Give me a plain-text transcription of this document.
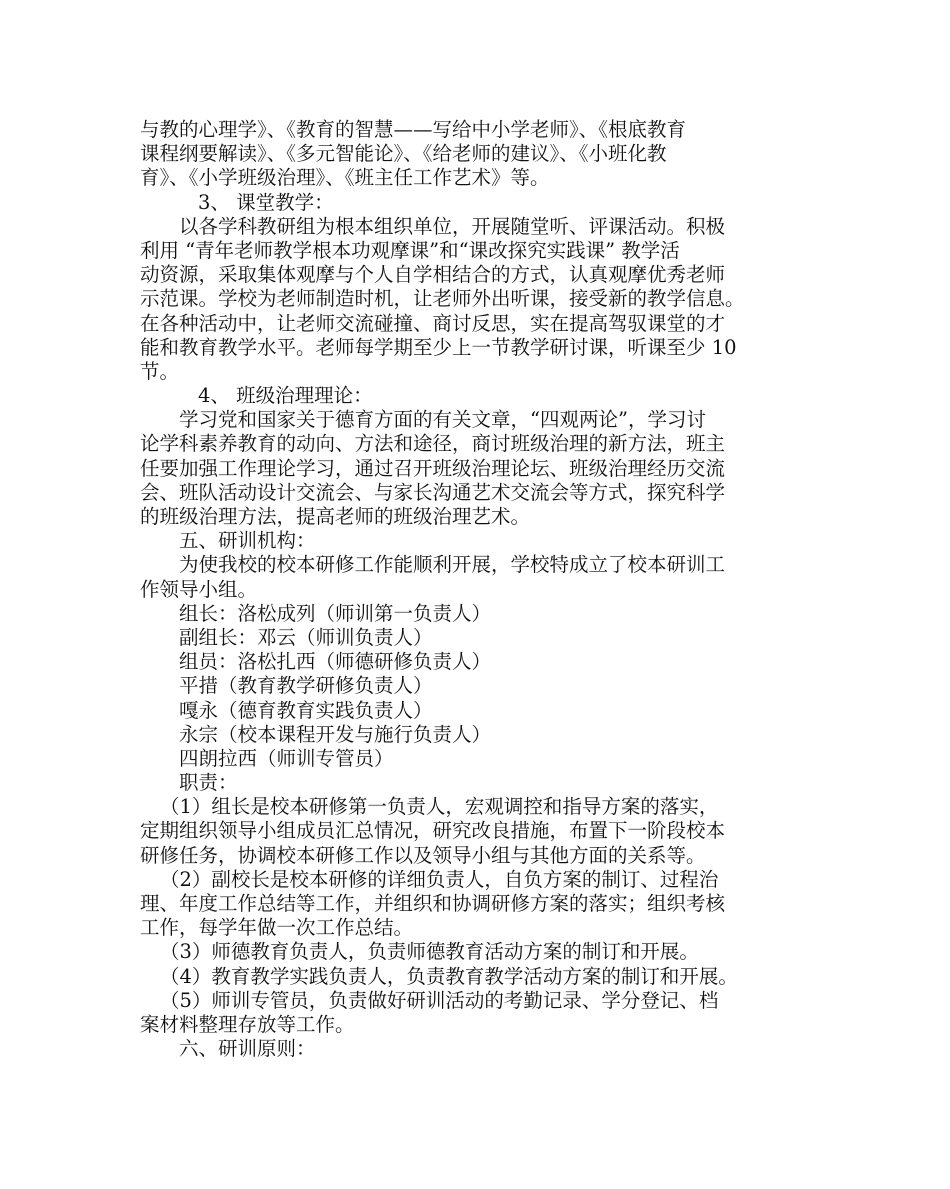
与教的心理学》、《教育的智慧——写给中小学老师》、《根底教育
课程纲要解读》、《多元智能论》、《给老师的建议》、《小班化教
育》、《小学班级治理》、《班主任工作艺术》等。
3、 课堂教学：
以各学科教研组为根本组织单位，开展随堂听、评课活动。积极
利用 “青年老师教学根本功观摩课”和“课改探究实践课” 教学活
动资源，采取集体观摩与个人自学相结合的方式，认真观摩优秀老师
示范课。学校为老师制造时机，让老师外出听课，接受新的教学信息。
在各种活动中，让老师交流碰撞、商讨反思，实在提高驾驭课堂的才
能和教育教学水平。老师每学期至少上一节教学研讨课，听课至少 10
节。
4、 班级治理理论：
学习党和国家关于德育方面的有关文章，“四观两论”，学习讨
论学科素养教育的动向、方法和途径，商讨班级治理的新方法，班主
任要加强工作理论学习，通过召开班级治理论坛、班级治理经历交流
会、班队活动设计交流会、与家长沟通艺术交流会等方式，探究科学
的班级治理方法，提高老师的班级治理艺术。
五、研训机构：
为使我校的校本研修工作能顺利开展，学校特成立了校本研训工
作领导小组。
组长：洛松成列（师训第一负责人）
副组长：邓云（师训负责人）
组员：洛松扎西（师德研修负责人）
平措（教育教学研修负责人）
嘎永（德育教育实践负责人）
永宗（校本课程开发与施行负责人）
四朗拉西（师训专管员）
职责：
（1）组长是校本研修第一负责人，宏观调控和指导方案的落实，
定期组织领导小组成员汇总情况，研究改良措施，布置下一阶段校本
研修任务，协调校本研修工作以及领导小组与其他方面的关系等。
（2）副校长是校本研修的详细负责人，自负方案的制订、过程治
理、年度工作总结等工作，并组织和协调研修方案的落实；组织考核
工作，每学年做一次工作总结。
（3）师德教育负责人，负责师德教育活动方案的制订和开展。
（4）教育教学实践负责人，负责教育教学活动方案的制订和开展。
（5）师训专管员，负责做好研训活动的考勤记录、学分登记、档
案材料整理存放等工作。
六、研训原则：
